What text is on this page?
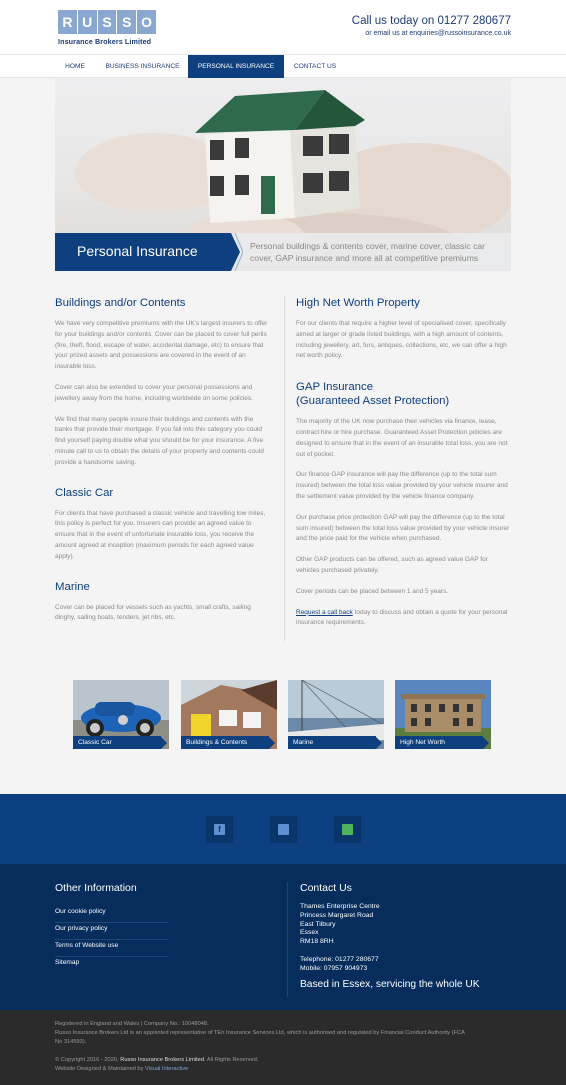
R U S S O
Insurance Brokers Limited
Call us today on 01277 280677
or email us at enquiries@russoinsurance.co.uk
HOME	BUSINESS INSURANCE	PERSONAL INSURANCE	CONTACT US
Personal Insurance	Personal buildings & contents cover, marine cover, classic car cover, GAP insurance and more all at competitive premiums
Buildings and/or Contents

We have very competitive premiums with the UK's largest insurers to offer for your buildings and/or contents. Cover can be placed to cover full perils (fire, theft, flood, escape of water, accidental damage, etc) to ensure that your prized assets and possessions are covered in the event of an insurable loss.

Cover can also be extended to cover your personal possessions and jewellery away from the home, including worldwide on some policies.

We find that many people insure their buildings and contents with the banks that provide their mortgage. If you fall into this category you could find yourself paying double what you should be for your insurance. A five minute call to us to obtain the details of your property and contents could provide a handsome saving.

Classic Car

For clients that have purchased a classic vehicle and travelling low miles, this policy is perfect for you. Insurers can provide an agreed value to ensure that in the event of unfortunate insurable loss, you receive the amount agreed at inception (maximum periods for each agreed value apply).

Marine

Cover can be placed for vessels such as yachts, small crafts, sailing dinghy, sailing boats, tenders, jet ribs, etc.

High Net Worth Property

For our clients that require a higher level of specialised cover, specifically aimed at larger or grade listed buildings, with a high amount of contents, including jewellery, art, furs, antiques, collections, etc, we can offer a high net worth policy.

GAP Insurance
(Guaranteed Asset Protection)

The majority of the UK now purchase their vehicles via finance, lease, contract hire or hire purchase. Guaranteed Asset Protection policies are designed to ensure that in the event of an insurable total loss, you are not out of pocket.

Our finance GAP insurance will pay the difference (up to the total sum insured) between the total loss value provided by your vehicle insurer and the settlement value provided by the vehicle finance company.

Our purchase price protection GAP will pay the difference (up to the total sum insured) between the total loss value provided by your vehicle insurer and the price paid for the vehicle when purchased.

Other GAP products can be offered, such as agreed value GAP for vehicles purchased privately.

Cover periods can be placed between 1 and 5 years.

Request a call back today to discuss and obtain a quote for your personal insurance requirements.

Classic Car	Buildings & Contents	Marine	High Net Worth
f
Other Information
Our cookie policy
Our privacy policy
Terms of Website use
Sitemap
Contact Us
Thames Enterprise Centre
Princess Margaret Road
East Tilbury
Essex
RM18 8RH
Telephone: 01277 280677
Mobile: 07957 904973
Based in Essex, servicing the whole UK
Registered in England and Wales | Company No.: 10048048.
Russo Insurance Brokers Ltd is an appointed representative of TEn Insurance Services Ltd, which is authorised and regulated by Financial Conduct Authority (FCA
No 314593).
© Copyright 2016 - 2020, Russo Insurance Brokers Limited. All Rights Reserved.
Website Designed & Maintained by Visual Interactive
